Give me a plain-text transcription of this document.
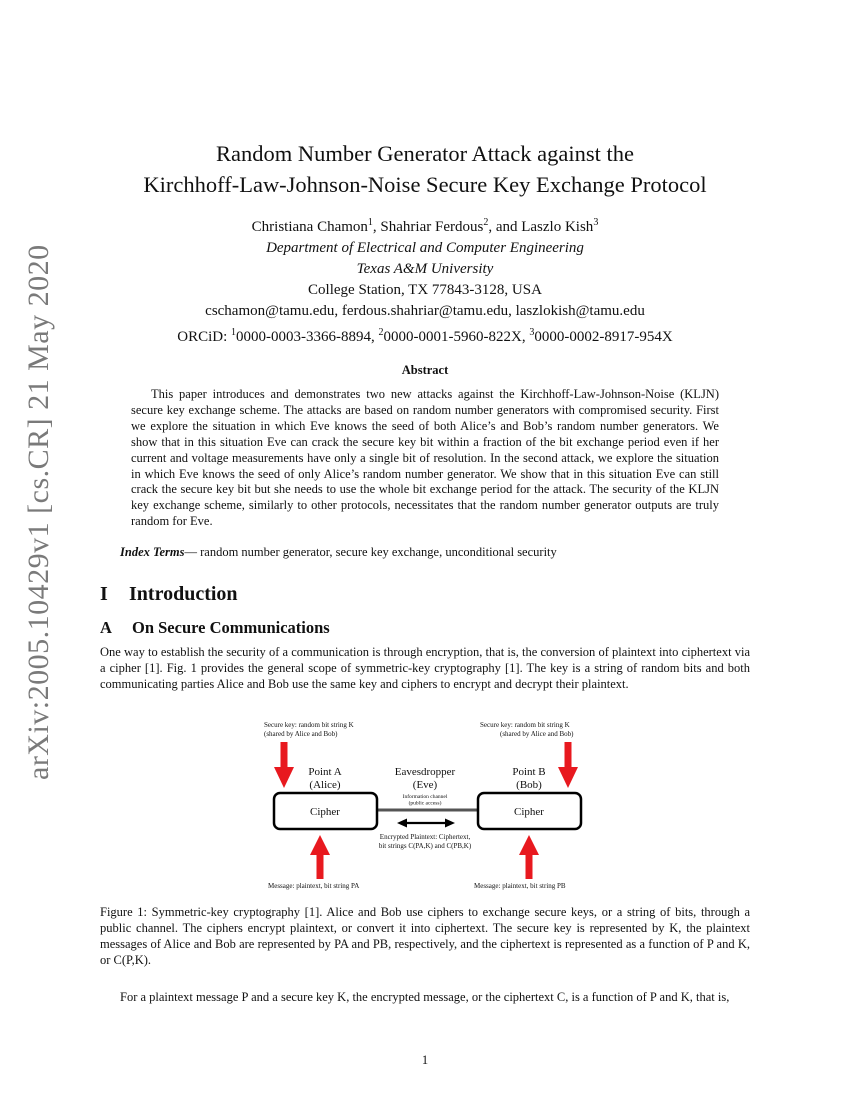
arXiv:2005.10429v1 [cs.CR] 21 May 2020
Random Number Generator Attack against the
Kirchhoff-Law-Johnson-Noise Secure Key Exchange Protocol
Christiana Chamon$^1$, Shahriar Ferdous$^2$, and Laszlo Kish$^3$
Department of Electrical and Computer Engineering
Texas A&M University
College Station, TX 77843-3128, USA
cschamon@tamu.edu, ferdous.shahriar@tamu.edu, laszlokish@tamu.edu
ORCiD: $^1$0000-0003-3366-8894, $^2$0000-0001-5960-822X, $^3$0000-0002-8917-954X
Abstract

This paper introduces and demonstrates two new attacks against the Kirchhoff-Law-Johnson-Noise (KLJN) secure key exchange scheme. The attacks are based on random number generators with compromised security. First we explore the situation in which Eve knows the seed of both Alice’s and Bob’s random number generators. We show that in this situation Eve can crack the secure key bit within a fraction of the bit exchange period even if her current and voltage measurements have only a single bit of resolution. In the second attack, we explore the situation in which Eve knows the seed of only Alice’s random number generator. We show that in this situation Eve can still crack the secure key bit but she needs to use the whole bit exchange period for the attack. The security of the KLJN key exchange scheme, similarly to other protocols, necessitates that the random number generator outputs are truly random for Eve.

Index Terms— random number generator, secure key exchange, unconditional security
I Introduction
A On Secure Communications

One way to establish the security of a communication is through encryption, that is, the conversion of plaintext into ciphertext via a cipher [1]. Fig. 1 provides the general scope of symmetric-key cryptography [1]. The key is a string of random bits and both communicating parties Alice and Bob use the same key and ciphers to encrypt and decrypt their plaintext.

Secure key: random bit string K
(shared by Alice and Bob)
Secure key: random bit string K
(shared by Alice and Bob)
Point A
(Alice)
Eavesdropper
(Eve)
Point B
(Bob)
Information channel
(public access)
Cipher	Cipher
Encrypted Plaintext: Ciphertext,
bit strings C(PA,K) and C(PB,K)
Message: plaintext, bit string PA	Message: plaintext, bit string PB

Figure 1: Symmetric-key cryptography [1]. Alice and Bob use ciphers to exchange secure keys, or a string of bits, through a public channel. The ciphers encrypt plaintext, or convert it into ciphertext. The secure key is represented by K, the plaintext messages of Alice and Bob are represented by PA and PB, respectively, and the ciphertext is represented as a function of P and K, or C(P,K).

For a plaintext message P and a secure key K, the encrypted message, or the ciphertext C, is a function of P and K, that is,

1
